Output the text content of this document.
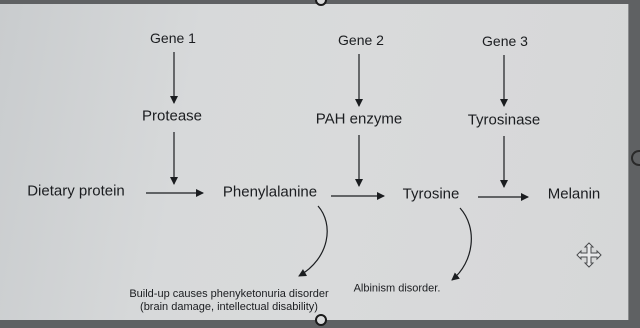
Gene 1	Gene 2	Gene 3
Protease	PAH enzyme	Tyrosinase
Dietary protein	Phenylalanine	Tyrosine	Melanin
Build-up causes phenyketonuria disorder (brain damage, intellectual disability)
Albinism disorder.
